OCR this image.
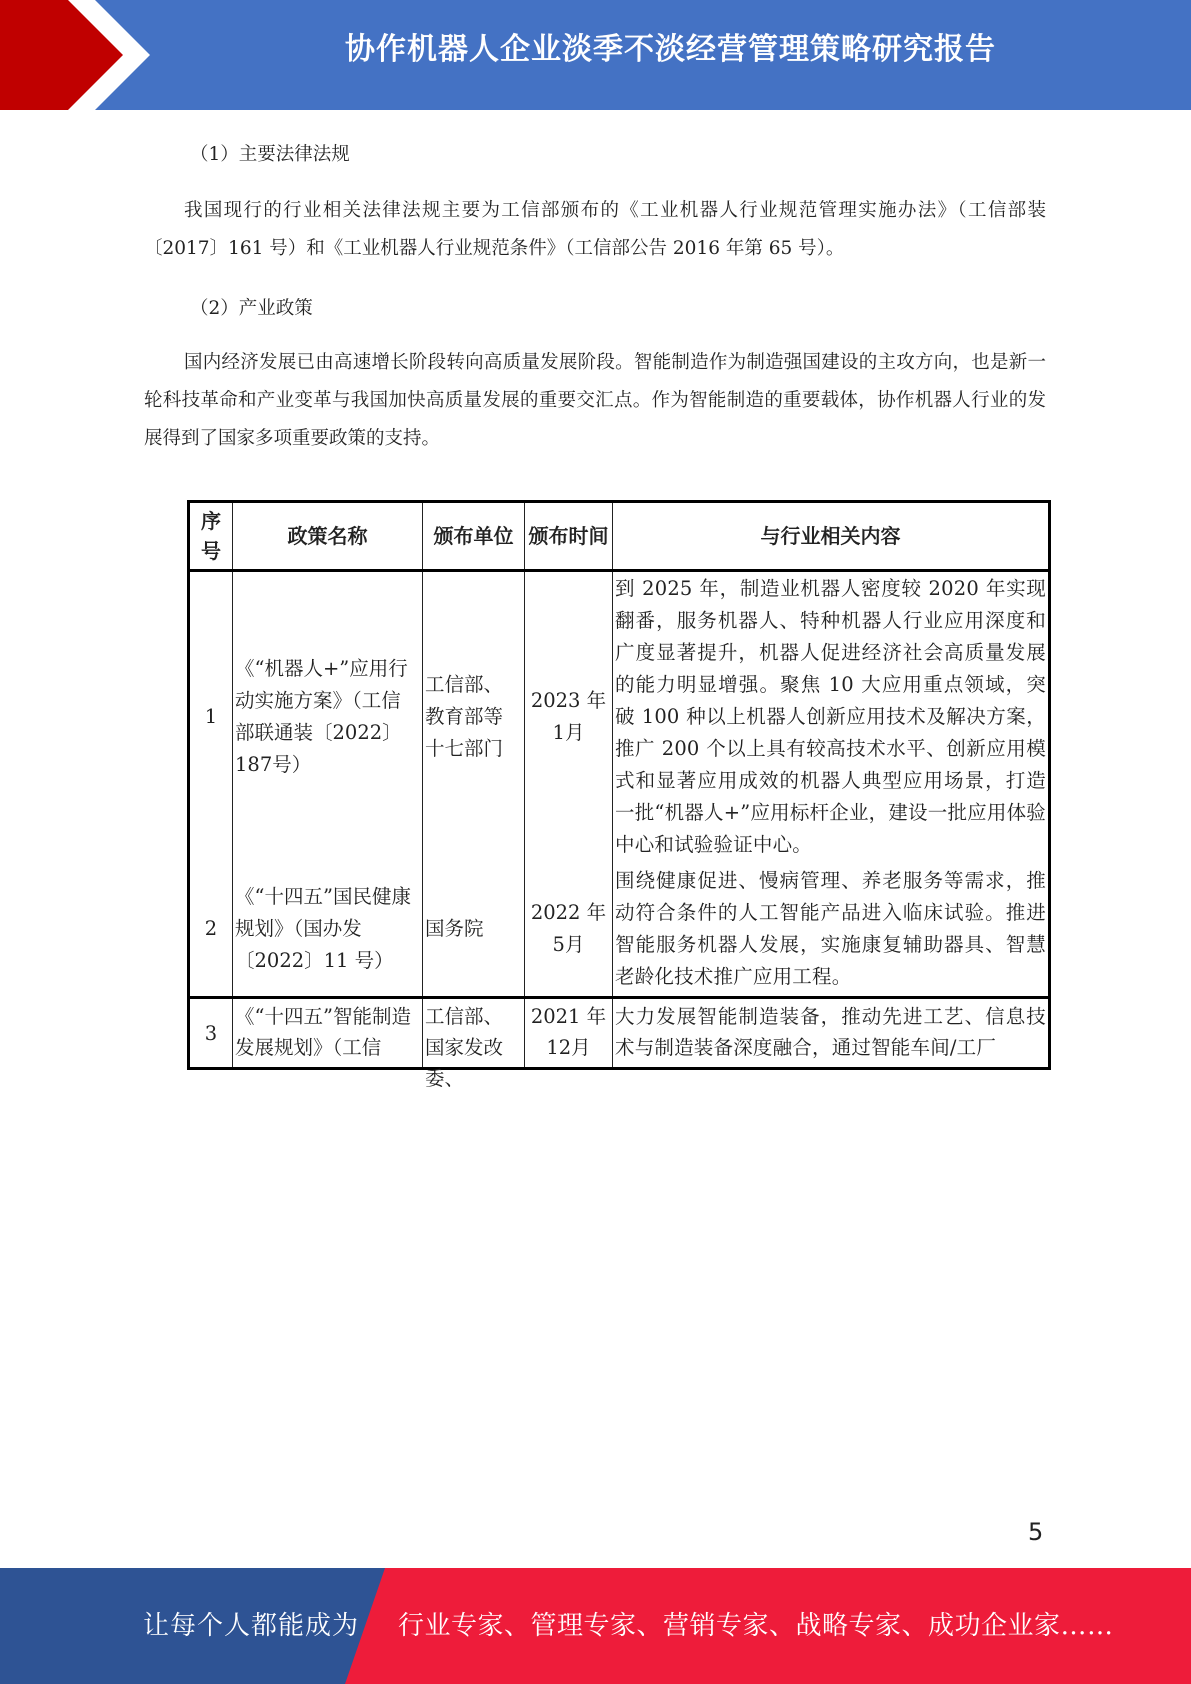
协作机器人企业淡季不淡经营管理策略研究报告

（1）主要法律法规

我国现行的行业相关法律法规主要为工信部颁布的《工业机器人行业规范管理实施办法》（工信部装〔2017〕161 号）和《工业机器人行业规范条件》（工信部公告 2016 年第 65 号）。

（2）产业政策

国内经济发展已由高速增长阶段转向高质量发展阶段。智能制造作为制造强国建设的主攻方向，也是新一轮科技革命和产业变革与我国加快高质量发展的重要交汇点。作为智能制造的重要载体，协作机器人行业的发展得到了国家多项重要政策的支持。

序号	政策名称	颁布单位	颁布时间	与行业相关内容
1	《“机器人+”应用行动实施方案》（工信部联通装〔2022〕187号）	工信部、教育部等十七部门	2023 年 1月	到 2025 年，制造业机器人密度较 2020 年实现翻番，服务机器人、特种机器人行业应用深度和广度显著提升，机器人促进经济社会高质量发展的能力明显增强。聚焦 10 大应用重点领域，突破 100 种以上机器人创新应用技术及解决方案，推广 200 个以上具有较高技术水平、创新应用模式和显著应用成效的机器人典型应用场景，打造一批“机器人+”应用标杆企业，建设一批应用体验中心和试验验证中心。
2	《“十四五”国民健康规划》（国办发〔2022〕11 号）	国务院	2022 年 5月	围绕健康促进、慢病管理、养老服务等需求，推动符合条件的人工智能产品进入临床试验。推进智能服务机器人发展，实施康复辅助器具、智慧老龄化技术推广应用工程。
3	《“十四五”智能制造发展规划》（工信	工信部、国家发改委、	2021 年 12月	大力发展智能制造装备，推动先进工艺、信息技术与制造装备深度融合，通过智能车间/工厂
5
让每个人都能成为 行业专家、管理专家、营销专家、战略专家、成功企业家……
